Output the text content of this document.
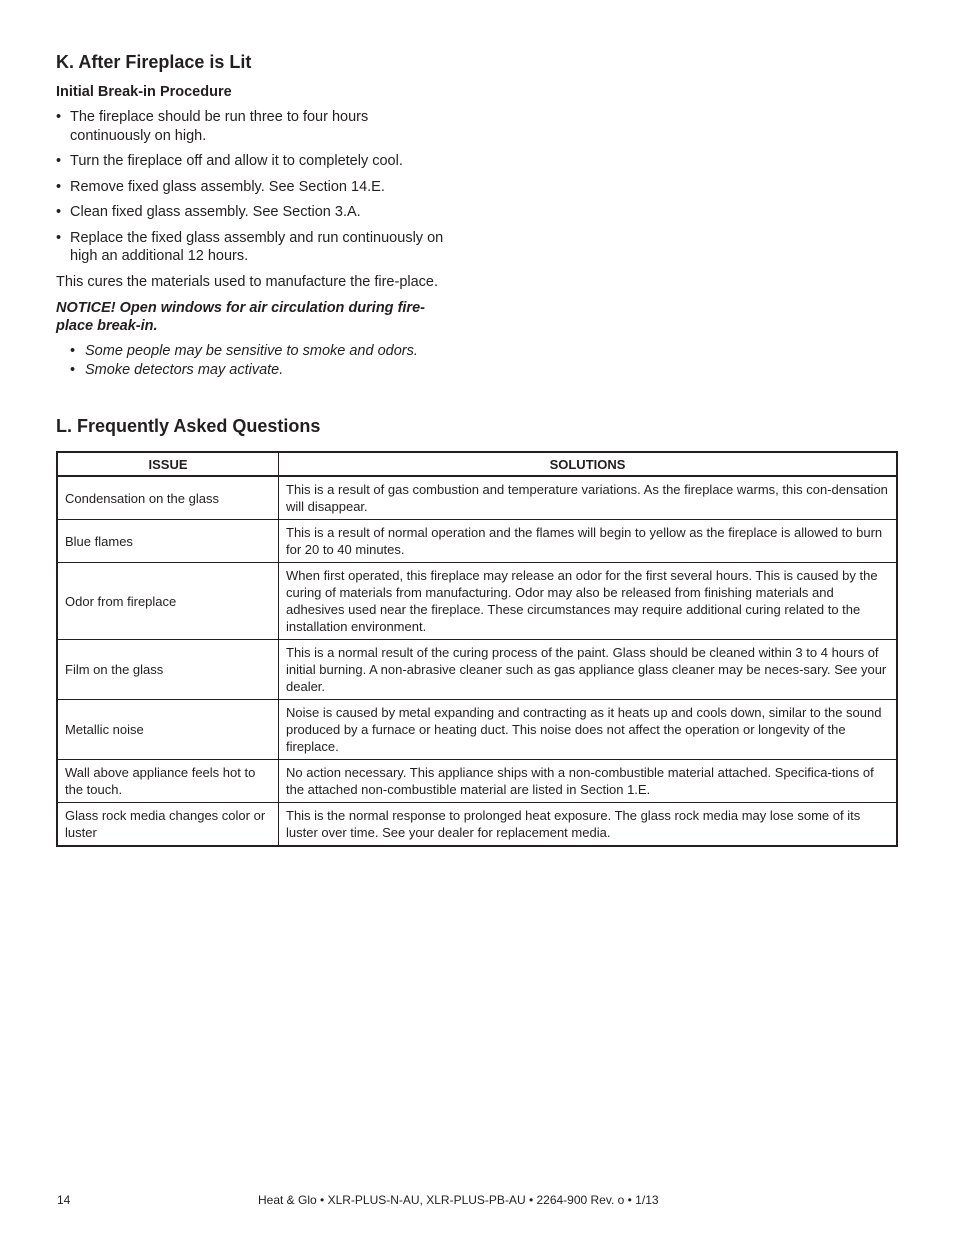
K. After Fireplace is Lit
Initial Break-in Procedure
• The fireplace should be run three to four hours continuously on high.
• Turn the fireplace off and allow it to completely cool.
• Remove fixed glass assembly. See Section 14.E.
• Clean fixed glass assembly. See Section 3.A.
• Replace the fixed glass assembly and run continuously on high an additional 12 hours.

This cures the materials used to manufacture the fire-place.

NOTICE! Open windows for air circulation during fire-place break-in.

• Some people may be sensitive to smoke and odors.
• Smoke detectors may activate.
L. Frequently Asked Questions
ISSUE	SOLUTIONS
Condensation on the glass	This is a result of gas combustion and temperature variations. As the fireplace warms, this con-densation will disappear.
Blue flames	This is a result of normal operation and the flames will begin to yellow as the fireplace is allowed to burn for 20 to 40 minutes.
Odor from fireplace	When first operated, this fireplace may release an odor for the first several hours. This is caused by the curing of materials from manufacturing. Odor may also be released from finishing materials and adhesives used near the fireplace. These circumstances may require additional curing related to the installation environment.
Film on the glass	This is a normal result of the curing process of the paint. Glass should be cleaned within 3 to 4 hours of initial burning. A non-abrasive cleaner such as gas appliance glass cleaner may be neces-sary. See your dealer.
Metallic noise	Noise is caused by metal expanding and contracting as it heats up and cools down, similar to the sound produced by a furnace or heating duct. This noise does not affect the operation or longevity of the fireplace.
Wall above appliance feels hot to the touch.	No action necessary. This appliance ships with a non-combustible material attached. Specifica-tions of the attached non-combustible material are listed in Section 1.E.
Glass rock media changes color or luster	This is the normal response to prolonged heat exposure. The glass rock media may lose some of its luster over time. See your dealer for replacement media.
14	Heat & Glo • XLR-PLUS-N-AU, XLR-PLUS-PB-AU • 2264-900 Rev. o • 1/13
